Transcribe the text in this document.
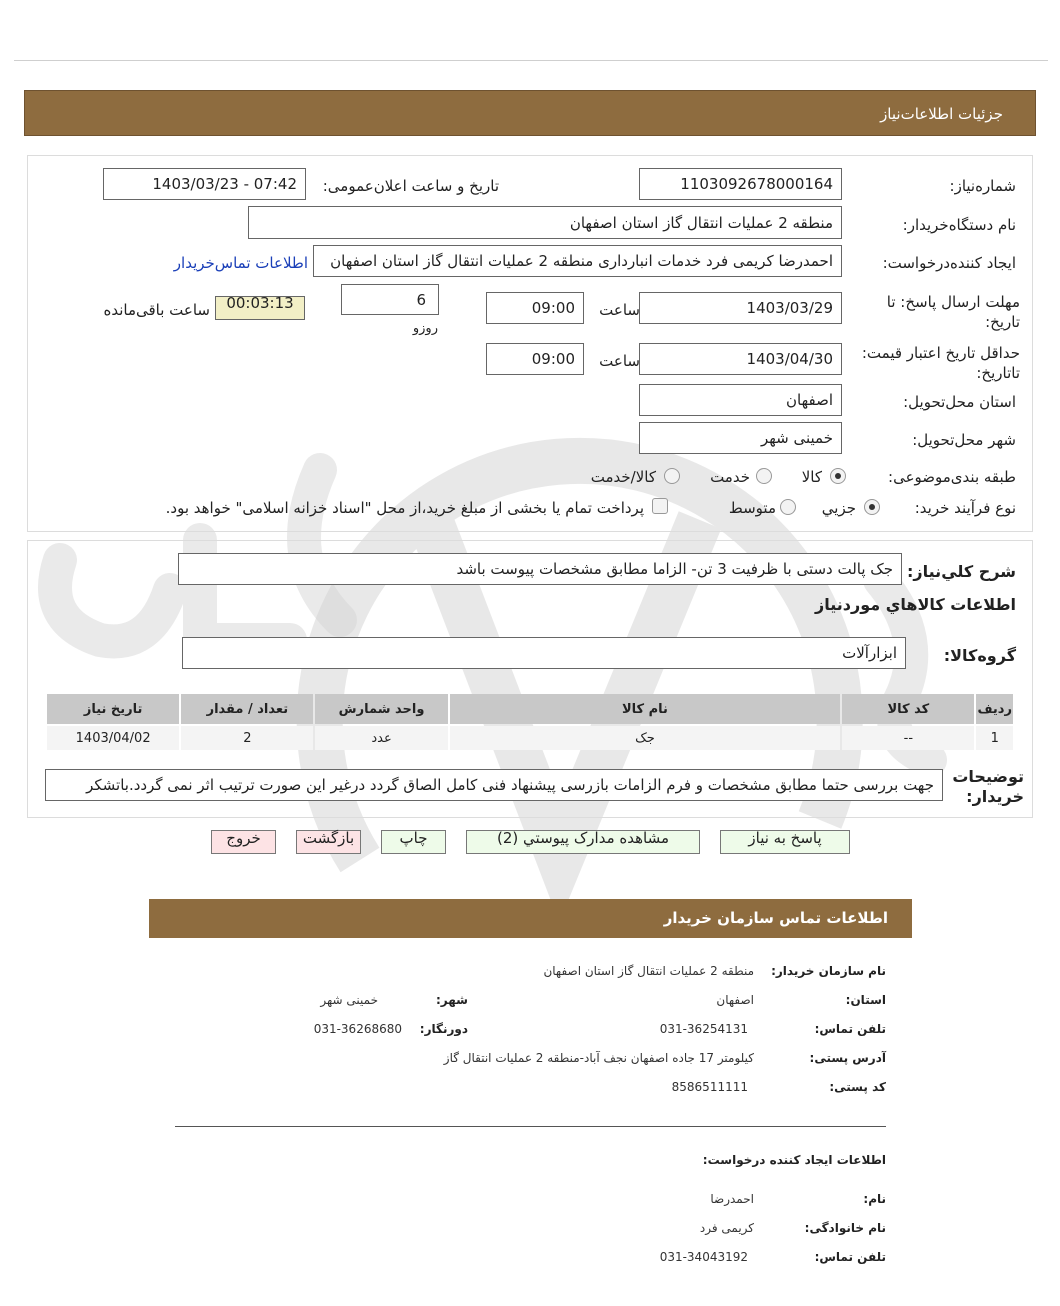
جزئیات اطلاعات‌نیاز
شماره‌نیاز:
1103092678000164
تاریخ و ساعت اعلان‌عمومی:
1403/03/23 - 07:42
نام دستگاه‌خریدار:
منطقه 2 عملیات انتقال گاز استان اصفهان
ایجاد کننده‌درخواست:
احمدرضا کریمی فرد خدمات انبارداری منطقه 2 عملیات انتقال گاز استان اصفهان
اطلاعات تماس‌خریدار
مهلت ارسال پاسخ: تا تاریخ:
1403/03/29
ساعت
09:00
6
روزو
00:03:13
ساعت باقی‌مانده
حداقل تاریخ اعتبار قیمت: تاتاریخ:
1403/04/30
ساعت
09:00
استان محل‌تحویل:
اصفهان
شهر محل‌تحویل:
خمینی شهر
طبقه بندی‌موضوعی:
کالا
خدمت
کالا/خدمت
نوع فرآیند خرید:
جزیي
متوسط
پرداخت تمام یا بخشی از مبلغ خرید،از محل "اسناد خزانه اسلامی" خواهد بود.
شرح کلي‌نیاز:
جک پالت دستی با ظرفیت 3 تن- الزاما مطابق مشخصات پیوست باشد
اطلاعات کالاهاي موردنیاز
گروه‌کالا:
ابزارآلات
ردیف	کد کالا	نام کالا	واحد شمارش	تعداد / مقدار	تاریخ نیاز
1	--	جک	عدد	2	1403/04/02
توضیحات خریدار:
جهت بررسی حتما مطابق مشخصات و فرم الزامات بازرسی پیشنهاد فنی کامل الصاق گردد درغیر این صورت ترتیب اثر نمی گردد.باتشکر
پاسخ به نیاز
مشاهده مدارک پیوستي (2)
چاپ
بازگشت
خروج
اطلاعات تماس سازمان خریدار
نام سازمان خریدار:
منطقه 2 عملیات انتقال گاز استان اصفهان
استان:
اصفهان
شهر:
خمینی شهر
تلفن تماس:
031-36254131
دورنگار:
031-36268680
آدرس پستی:
کیلومتر 17 جاده اصفهان نجف آباد-منطقه 2 عملیات انتقال گاز
کد پستی:
8586511111
اطلاعات ایجاد کننده درخواست:
نام:
احمدرضا
نام خانوادگی:
کریمی فرد
تلفن تماس:
031-34043192
